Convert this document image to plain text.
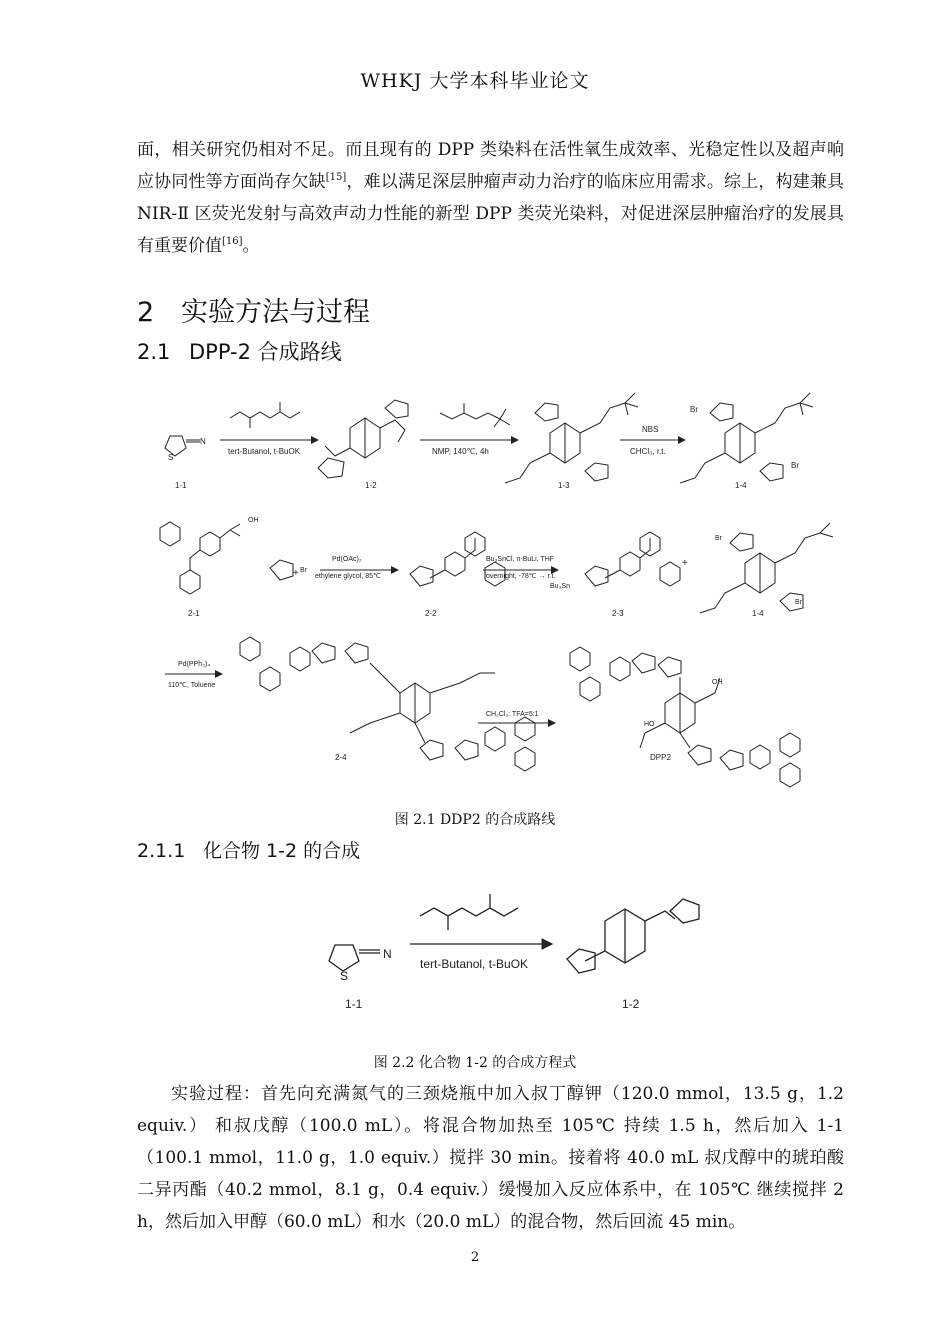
WHKJ 大学本科毕业论文

面，相关研究仍相对不足。而且现有的 DPP 类染料在活性氧生成效率、光稳定性以及超声响应协同性等方面尚存欠缺[15]，难以满足深层肿瘤声动力治疗的临床应用需求。综上，构建兼具 NIR-Ⅱ 区荧光发射与高效声动力性能的新型 DPP 类荧光染料，对促进深层肿瘤治疗的发展具有重要价值[16]。

2 实验方法与过程
2.1 DPP-2 合成路线
tert-Butanol, t-BuOK	NMP, 140℃, 4h
NBS
CHCl₃, r.t.
Pd(OAc)₂
ethylene glycol, 85℃
Bu₃SnCl, n-BuLi, THF
overnight, -78℃ → r.t.
Pd(PPh₃)₄
110℃, Toluene
CH₂Cl₂: TFA=5:1
+
+
1-1	1-2	1-3	1-4
2-1	2-2	2-3	1-4
2-4	DPP2
N
S
Br
Br
Br
Br
Br
Bu₃Sn
OH
HO
OH
图 2.1 DDP2 的合成路线
2.1.1 化合物 1-2 的合成
tert-Butanol, t-BuOK
1-1	1-2
N
S
图 2.2 化合物 1-2 的合成方程式

实验过程：首先向充满氮气的三颈烧瓶中加入叔丁醇钾（120.0 mmol，13.5 g，1.2 equiv.） 和叔戊醇（100.0 mL）。将混合物加热至 105℃ 持续 1.5 h，然后加入 1-1（100.1 mmol，11.0 g，1.0 equiv.）搅拌 30 min。接着将 40.0 mL 叔戊醇中的琥珀酸二异丙酯（40.2 mmol，8.1 g，0.4 equiv.）缓慢加入反应体系中，在 105℃ 继续搅拌 2 h，然后加入甲醇（60.0 mL）和水（20.0 mL）的混合物，然后回流 45 min。

2
